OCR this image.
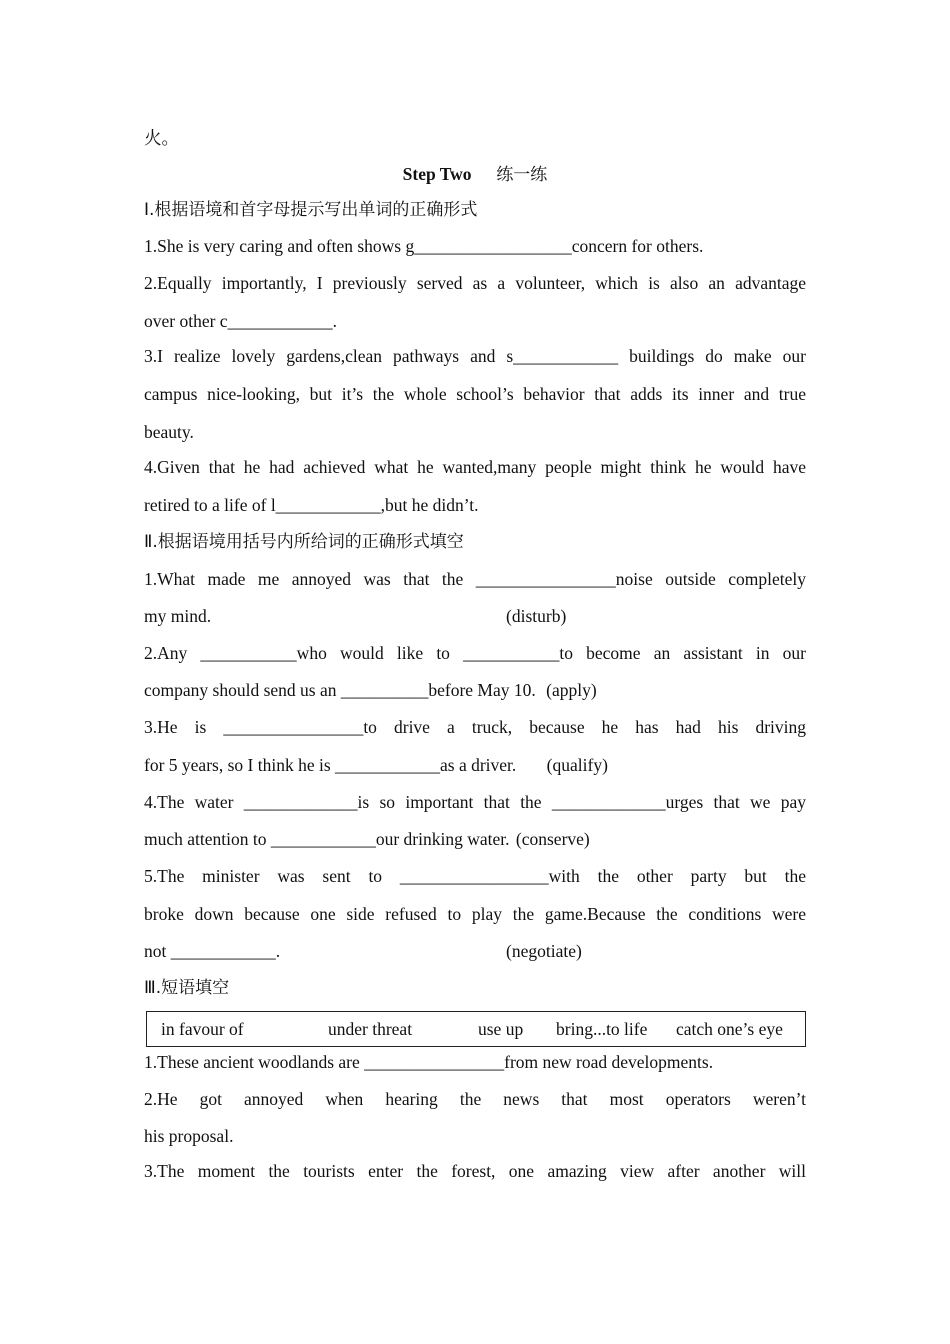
火。
Step Two 练一练
Ⅰ.根据语境和首字母提示写出单词的正确形式
1.She is very caring and often shows g__________________concern for others.
2.Equally importantly, I previously served as a volunteer, which is also an advantage
over other c____________.
3.I realize lovely gardens,clean pathways and s____________ buildings do make our
campus nice-looking, but it’s the whole school’s behavior that adds its inner and true
beauty.
4.Given that he had achieved what he wanted,many people might think he would have
retired to a life of l____________,but he didn’t.
Ⅱ.根据语境用括号内所给词的正确形式填空
1.What made me annoyed was that the ________________noise outside completely
my mind.	(disturb)
2.Any ___________who would like to ___________to become an assistant in our
company should send us an __________before May 10. (apply)
3.He is ________________to drive a truck, because he has had his driving
for 5 years, so I think he is ____________as a driver. (qualify)
4.The water _____________is so important that the _____________urges that we pay
much attention to ____________our drinking water. (conserve)
5.The minister was sent to _________________with the other party but the
broke down because one side refused to play the game.Because the conditions were
not ____________.	(negotiate)
Ⅲ.短语填空
in favour of	under threat	use up bring...to life catch one’s eye
1.These ancient woodlands are ________________from new road developments.
2.He got annoyed when hearing the news that most operators weren’t
his proposal.
3.The moment the tourists enter the forest, one amazing view after another will
